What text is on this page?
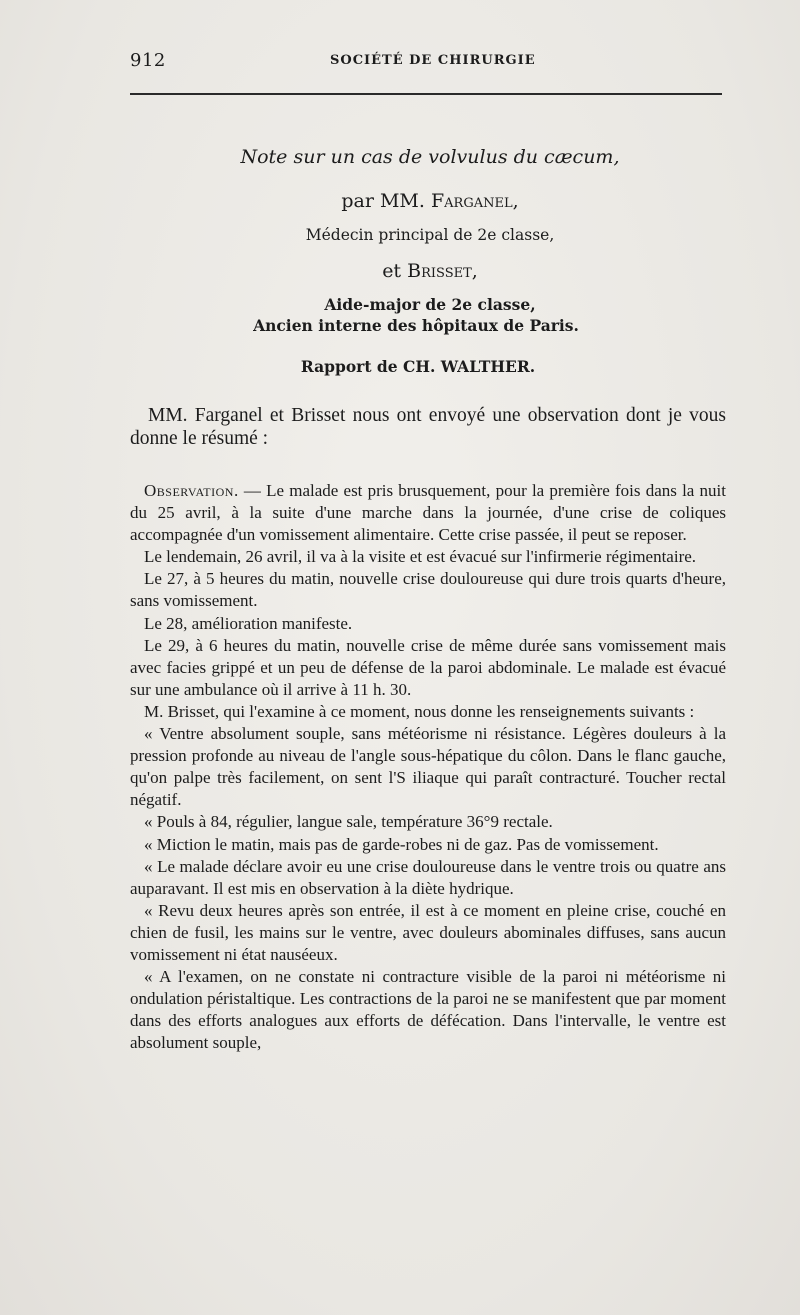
912	SOCIÉTÉ DE CHIRURGIE
Note sur un cas de volvulus du cæcum,
par MM. Farganel,
Médecin principal de 2e classe,
et Brisset,
Aide-major de 2e classe,
Ancien interne des hôpitaux de Paris.
Rapport de CH. WALTHER.
MM. Farganel et Brisset nous ont envoyé une observation dont je vous donne le résumé :

Observation. — Le malade est pris brusquement, pour la première fois dans la nuit du 25 avril, à la suite d'une marche dans la journée, d'une crise de coliques accompagnée d'un vomissement alimentaire. Cette crise passée, il peut se reposer.

Le lendemain, 26 avril, il va à la visite et est évacué sur l'infirmerie régimentaire.

Le 27, à 5 heures du matin, nouvelle crise douloureuse qui dure trois quarts d'heure, sans vomissement.

Le 28, amélioration manifeste.

Le 29, à 6 heures du matin, nouvelle crise de même durée sans vomissement mais avec facies grippé et un peu de défense de la paroi abdominale. Le malade est évacué sur une ambulance où il arrive à 11 h. 30.

M. Brisset, qui l'examine à ce moment, nous donne les renseignements suivants :

« Ventre absolument souple, sans météorisme ni résistance. Légères douleurs à la pression profonde au niveau de l'angle sous-hépatique du côlon. Dans le flanc gauche, qu'on palpe très facilement, on sent l'S iliaque qui paraît contracturé. Toucher rectal négatif.

« Pouls à 84, régulier, langue sale, température 36°9 rectale.

« Miction le matin, mais pas de garde-robes ni de gaz. Pas de vomissement.

« Le malade déclare avoir eu une crise douloureuse dans le ventre trois ou quatre ans auparavant. Il est mis en observation à la diète hydrique.

« Revu deux heures après son entrée, il est à ce moment en pleine crise, couché en chien de fusil, les mains sur le ventre, avec douleurs abominales diffuses, sans aucun vomissement ni état nauséeux.

« A l'examen, on ne constate ni contracture visible de la paroi ni météorisme ni ondulation péristaltique. Les contractions de la paroi ne se manifestent que par moment dans des efforts analogues aux efforts de défécation. Dans l'intervalle, le ventre est absolument souple,
